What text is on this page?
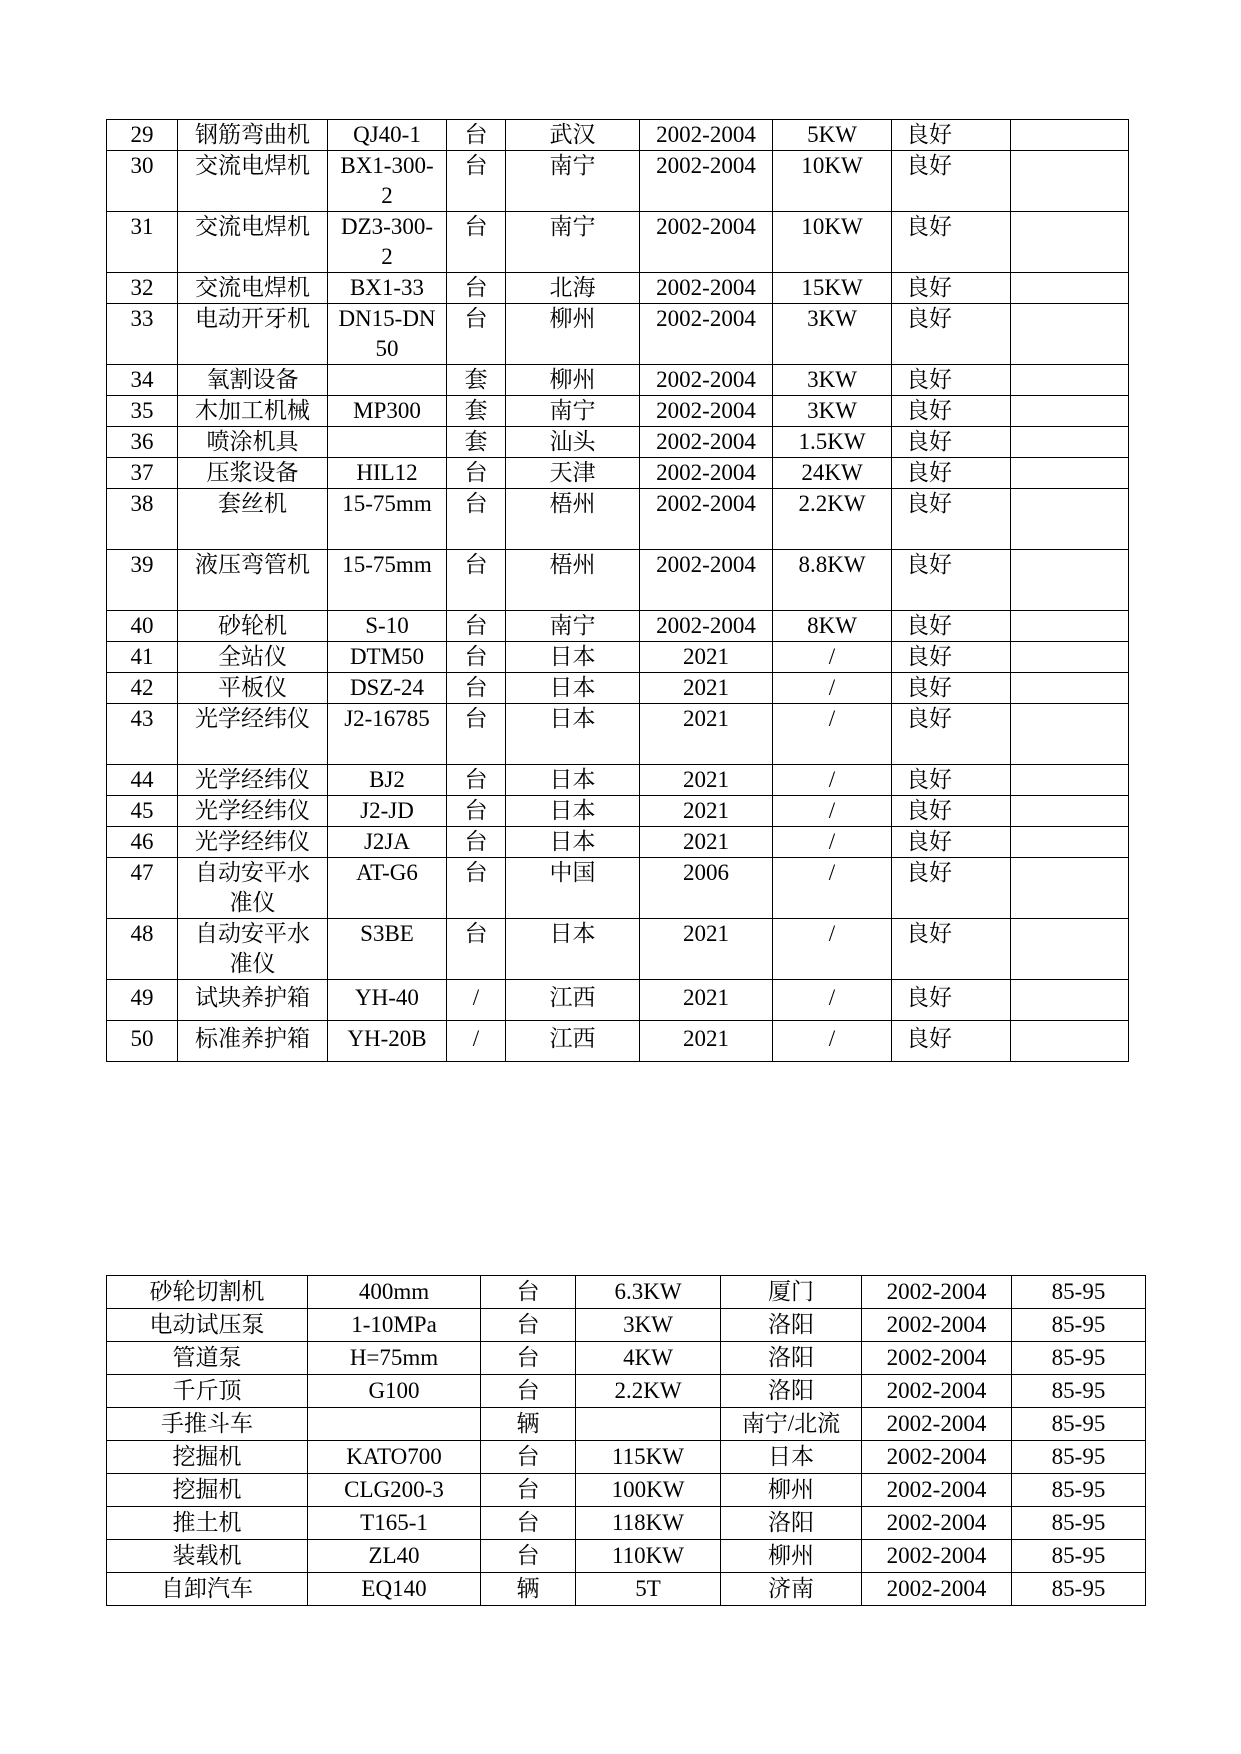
29	钢筋弯曲机	QJ40-1	台	武汉	2002-2004	5KW	良好	
30	交流电焊机	BX1-300-2	台	南宁	2002-2004	10KW	良好	
31	交流电焊机	DZ3-300-2	台	南宁	2002-2004	10KW	良好	
32	交流电焊机	BX1-33	台	北海	2002-2004	15KW	良好	
33	电动开牙机	DN15-DN50	台	柳州	2002-2004	3KW	良好	
34	氧割设备		套	柳州	2002-2004	3KW	良好	
35	木加工机械	MP300	套	南宁	2002-2004	3KW	良好	
36	喷涂机具		套	汕头	2002-2004	1.5KW	良好	
37	压浆设备	HIL12	台	天津	2002-2004	24KW	良好	
38	套丝机	15-75mm	台	梧州	2002-2004	2.2KW	良好	
39	液压弯管机	15-75mm	台	梧州	2002-2004	8.8KW	良好	
40	砂轮机	S-10	台	南宁	2002-2004	8KW	良好	
41	全站仪	DTM50	台	日本	2021	/	良好	
42	平板仪	DSZ-24	台	日本	2021	/	良好	
43	光学经纬仪	J2-16785	台	日本	2021	/	良好	
44	光学经纬仪	BJ2	台	日本	2021	/	良好	
45	光学经纬仪	J2-JD	台	日本	2021	/	良好	
46	光学经纬仪	J2JA	台	日本	2021	/	良好	
47	自动安平水准仪	AT-G6	台	中国	2006	/	良好	
48	自动安平水准仪	S3BE	台	日本	2021	/	良好	
49	试块养护箱	YH-40	/	江西	2021	/	良好	
50	标准养护箱	YH-20B	/	江西	2021	/	良好	
砂轮切割机	400mm	台	6.3KW	厦门	2002-2004	85-95
电动试压泵	1-10MPa	台	3KW	洛阳	2002-2004	85-95
管道泵	H=75mm	台	4KW	洛阳	2002-2004	85-95
千斤顶	G100	台	2.2KW	洛阳	2002-2004	85-95
手推斗车		辆		南宁/北流	2002-2004	85-95
挖掘机	KATO700	台	115KW	日本	2002-2004	85-95
挖掘机	CLG200-3	台	100KW	柳州	2002-2004	85-95
推土机	T165-1	台	118KW	洛阳	2002-2004	85-95
装载机	ZL40	台	110KW	柳州	2002-2004	85-95
自卸汽车	EQ140	辆	5T	济南	2002-2004	85-95
